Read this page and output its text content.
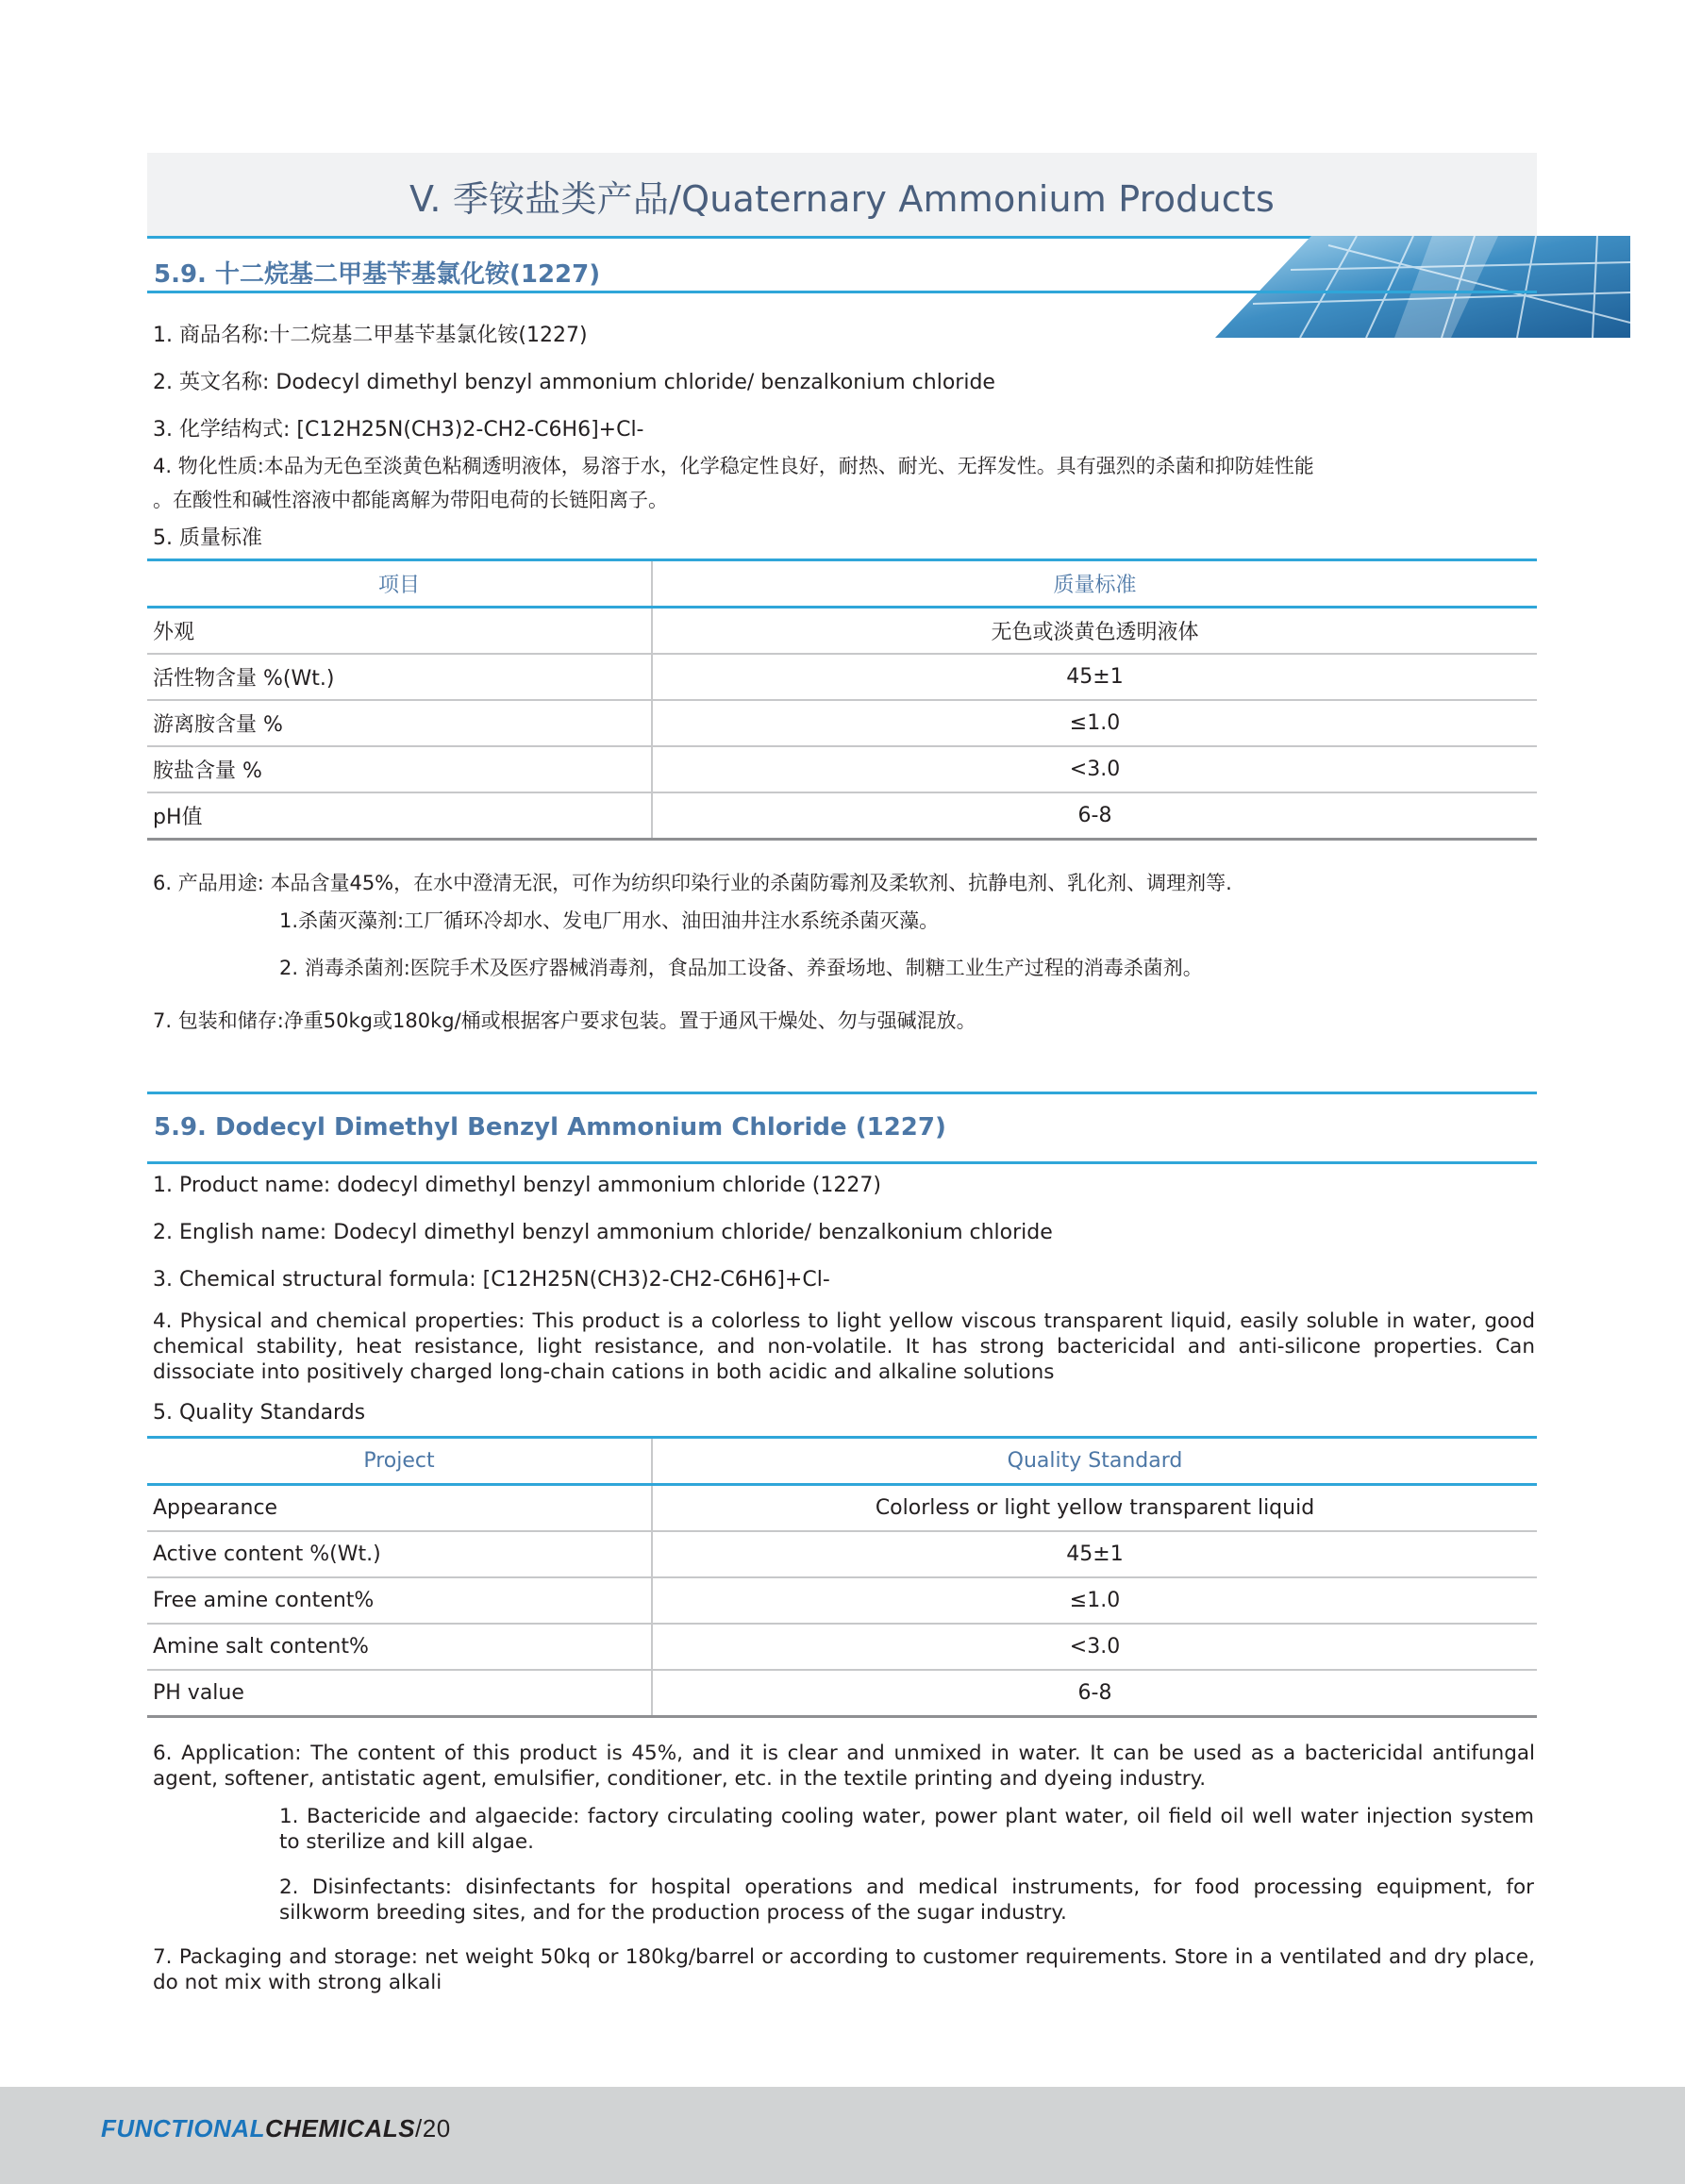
V. 季铵盐类产品/Quaternary Ammonium Products
5.9. 十二烷基二甲基苄基氯化铵(1227)
1. 商品名称:十二烷基二甲基苄基氯化铵(1227)
2. 英文名称: Dodecyl dimethyl benzyl ammonium chloride/ benzalkonium chloride
3. 化学结构式: [C12H25N(CH3)2-CH2-C6H6]+Cl-
4. 物化性质:本品为无色至淡黄色粘稠透明液体，易溶于水，化学稳定性良好，耐热、耐光、无挥发性。具有强烈的杀菌和抑防娃性能
。在酸性和碱性溶液中都能离解为带阳电荷的长链阳离子。
5. 质量标准
项目	质量标准
外观	无色或淡黄色透明液体
活性物含量 %(Wt.)	45±1
游离胺含量 %	≤1.0
胺盐含量 %	<3.0
pH值	6-8
6. 产品用途: 本品含量45%，在水中澄清无泯，可作为纺织印染行业的杀菌防霉剂及柔软剂、抗静电剂、乳化剂、调理剂等.
1.杀菌灭藻剂:工厂循环冷却水、发电厂用水、油田油井注水系统杀菌灭藻。
2. 消毒杀菌剂:医院手术及医疗器械消毒剂，食品加工设备、养蚕场地、制糖工业生产过程的消毒杀菌剂。
7. 包装和储存:净重50kg或180kg/桶或根据客户要求包装。置于通风干燥处、勿与强碱混放。
5.9. Dodecyl Dimethyl Benzyl Ammonium Chloride (1227)
1. Product name: dodecyl dimethyl benzyl ammonium chloride (1227)
2. English name: Dodecyl dimethyl benzyl ammonium chloride/ benzalkonium chloride
3. Chemical structural formula: [C12H25N(CH3)2-CH2-C6H6]+Cl-
4. Physical and chemical properties: This product is a colorless to light yellow viscous transparent liquid, easily soluble in water, good chemical stability, heat resistance, light resistance, and non-volatile. It has strong bactericidal and anti-silicone properties. Can dissociate into positively charged long-chain cations in both acidic and alkaline solutions
5. Quality Standards
Project	Quality Standard
Appearance	Colorless or light yellow transparent liquid
Active content %(Wt.)	45±1
Free amine content%	≤1.0
Amine salt content%	<3.0
PH value	6-8
6. Application: The content of this product is 45%, and it is clear and unmixed in water. It can be used as a bactericidal antifungal agent, softener, antistatic agent, emulsifier, conditioner, etc. in the textile printing and dyeing industry.
1. Bactericide and algaecide: factory circulating cooling water, power plant water, oil field oil well water injection system to sterilize and kill algae.
2. Disinfectants: disinfectants for hospital operations and medical instruments, for food processing equipment, for silkworm breeding sites, and for the production process of the sugar industry.
7. Packaging and storage: net weight 50kq or 180kg/barrel or according to customer requirements. Store in a ventilated and dry place, do not mix with strong alkali
FUNCTIONALCHEMICALS/20
